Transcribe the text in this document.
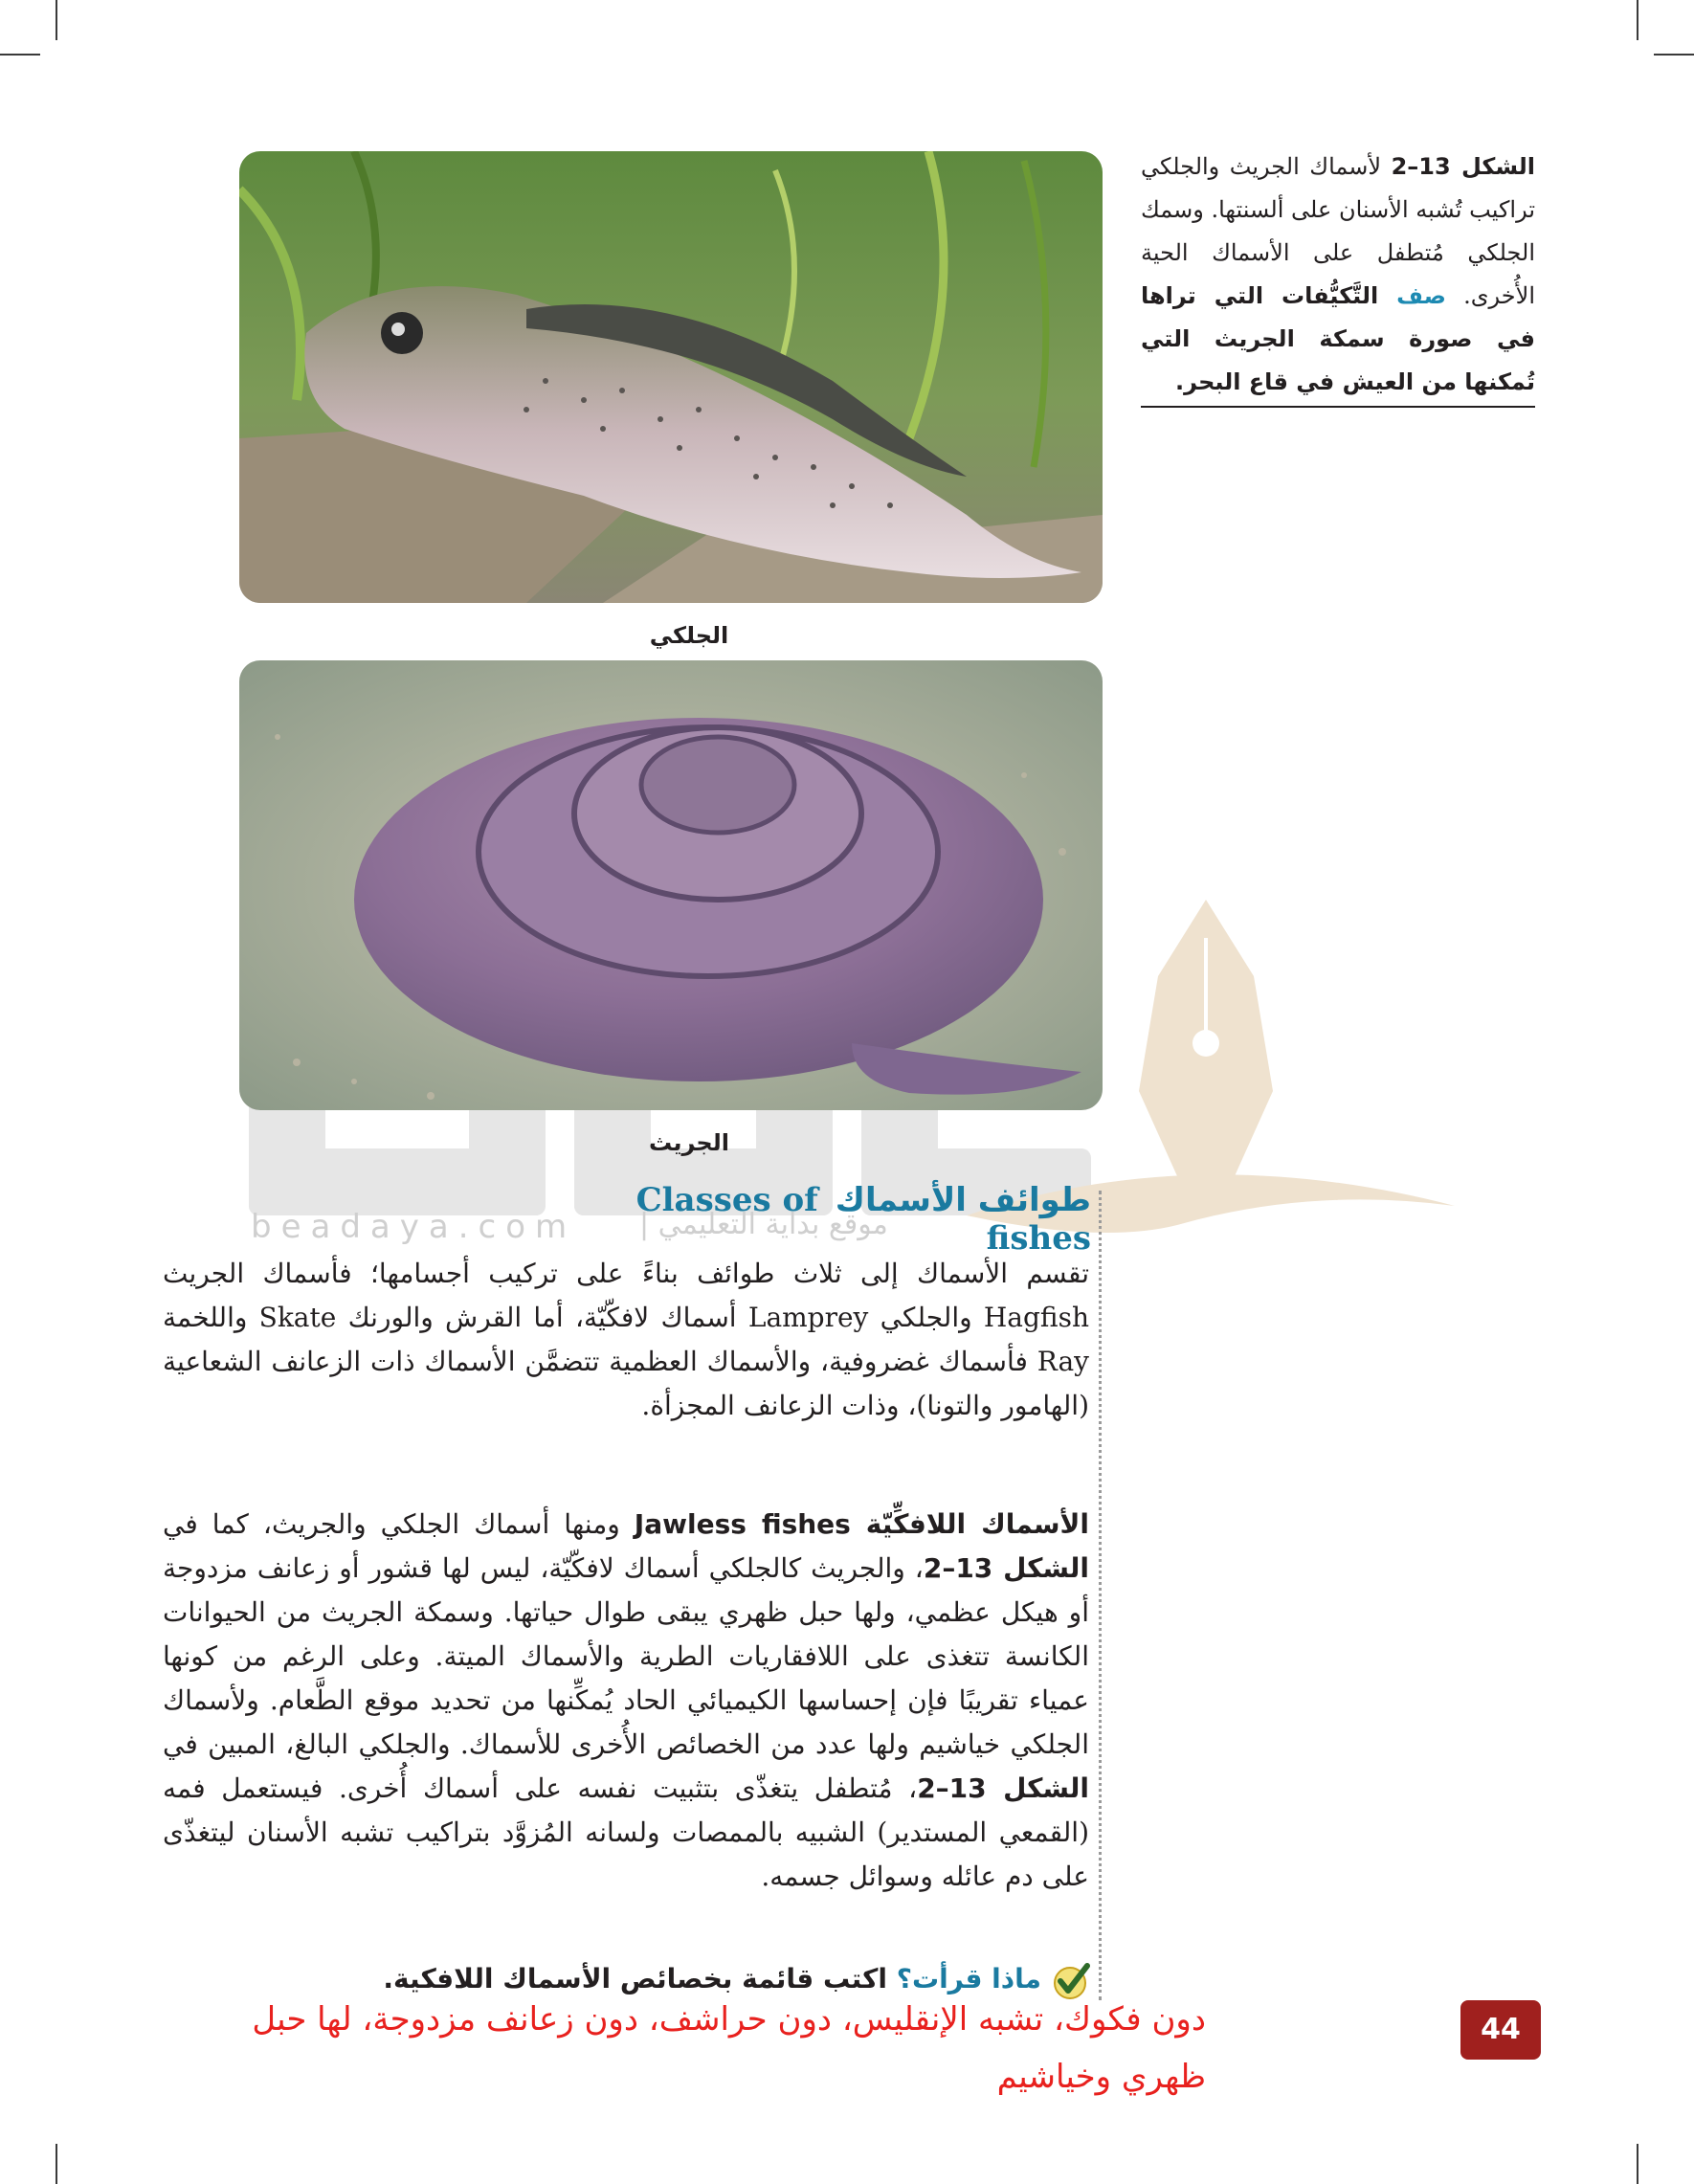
beadaya.com موقع بداية التعليمي |
الجلكي
الجريث
الشكل 13–2 لأسماك الجريث والجلكي تراكيب تُشبه الأسنان على ألسنتها. وسمك الجلكي مُتطفل على الأسماك الحية الأُخرى. صف التَّكيُّفات التي تراها في صورة سمكة الجريث التي تُمكنها من العيش في قاع البحر.
طوائف الأسماكClasses of fishes
تقسم الأسماك إلى ثلاث طوائف بناءً على تركيب أجسامها؛ فأسماك الجريث Hagfish والجلكي Lamprey أسماك لافكّيّة، أما القرش والورنك Skate واللخمة Ray فأسماك غضروفية، والأسماك العظمية تتضمَّن الأسماك ذات الزعانف الشعاعية (الهامور والتونا)، وذات الزعانف المجزأة.
الأسماك اللافكِّيّة Jawless fishes ومنها أسماك الجلكي والجريث، كما في الشكل 13–2، والجريث كالجلكي أسماك لافكّيّة، ليس لها قشور أو زعانف مزدوجة أو هيكل عظمي، ولها حبل ظهري يبقى طوال حياتها. وسمكة الجريث من الحيوانات الكانسة تتغذى على اللافقاريات الطرية والأسماك الميتة. وعلى الرغم من كونها عمياء تقريبًا فإن إحساسها الكيميائي الحاد يُمكِّنها من تحديد موقع الطَّعام. ولأسماك الجلكي خياشيم ولها عدد من الخصائص الأُخرى للأسماك. والجلكي البالغ، المبين في الشكل 13–2، مُتطفل يتغذّى بتثبيت نفسه على أسماك أُخرى. فيستعمل فمه (القمعي المستدير) الشبيه بالممصات ولسانه المُزوَّد بتراكيب تشبه الأسنان ليتغذّى على دم عائله وسوائل جسمه.
ماذا قرأت؟ اكتب قائمة بخصائص الأسماك اللافكية.
دون فكوك، تشبه الإنقليس، دون حراشف، دون زعانف مزدوجة، لها حبل ظهري وخياشيم
44
